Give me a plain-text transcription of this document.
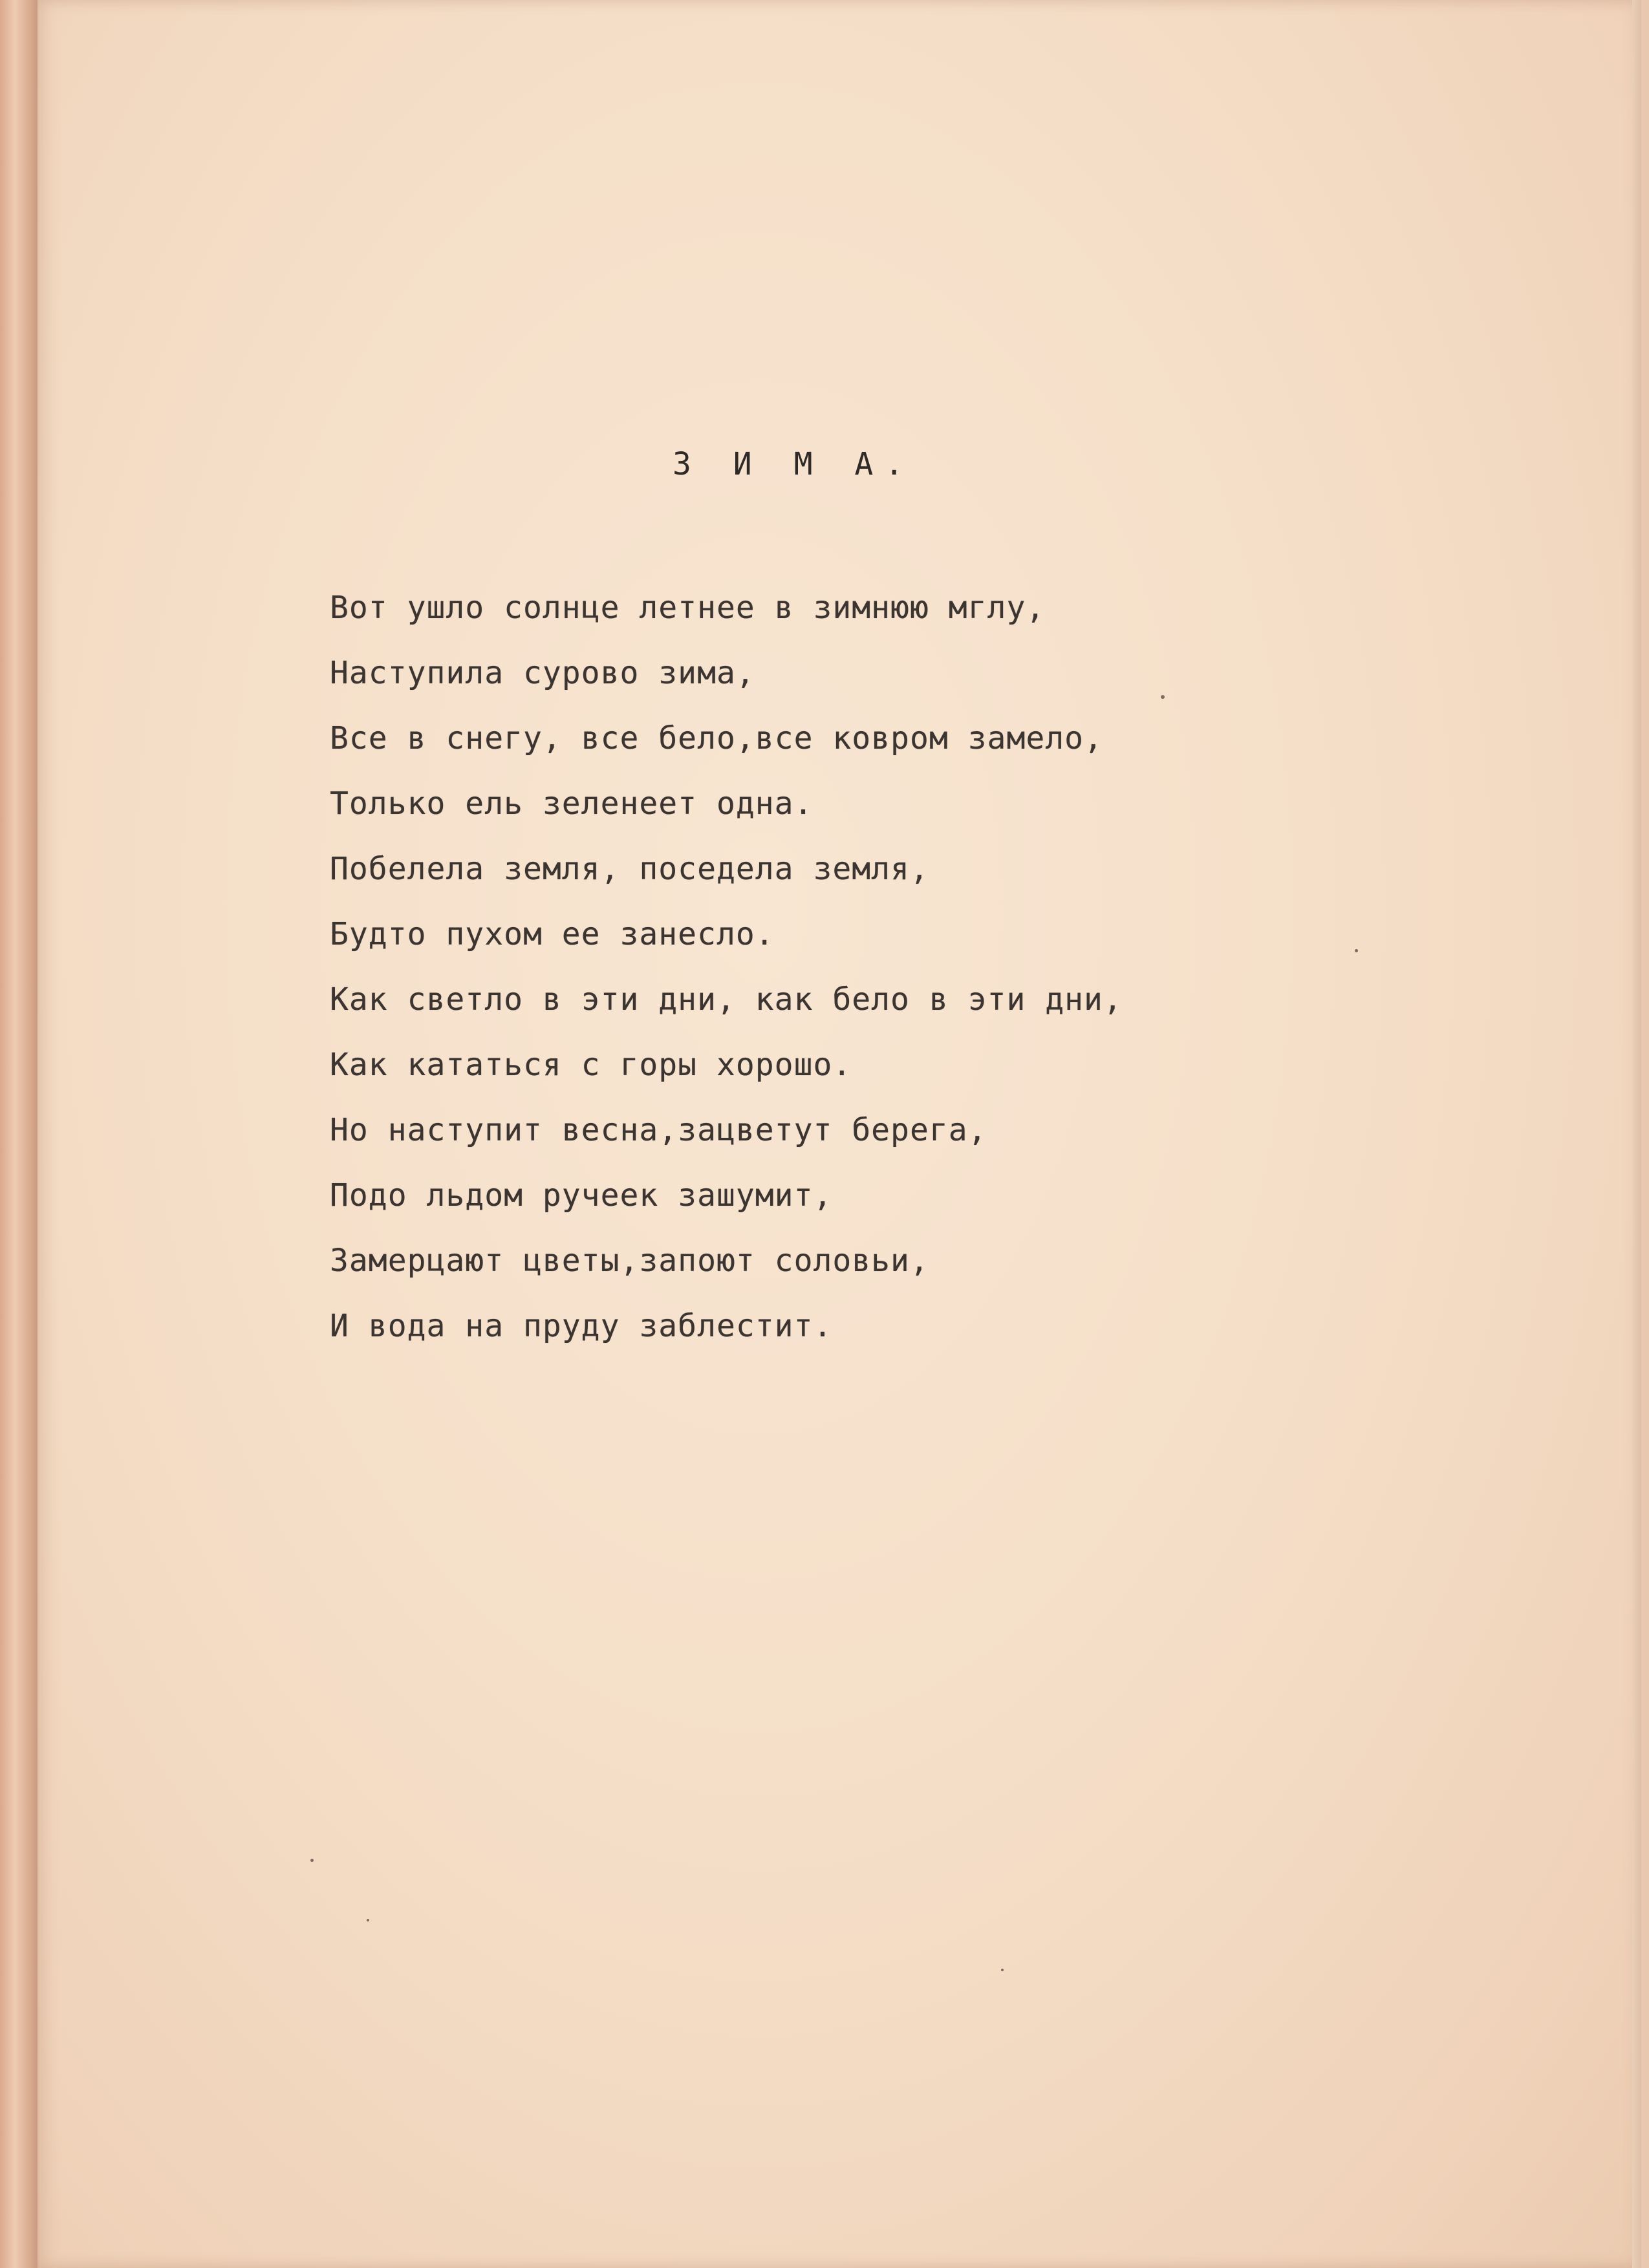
З И М А.
Вот ушло солнце летнее в зимнюю мглу,
Наступила сурово зима,
Все в снегу, все бело,все ковром замело,
Только ель зеленеет одна.
Побелела земля, поседела земля,
Будто пухом ее занесло.
Как светло в эти дни, как бело в эти дни,
Как кататься с горы хорошо.
Но наступит весна,зацветут берега,
Подо льдом ручеек зашумит,
Замерцают цветы,запоют соловьи,
И вода на пруду заблестит.
